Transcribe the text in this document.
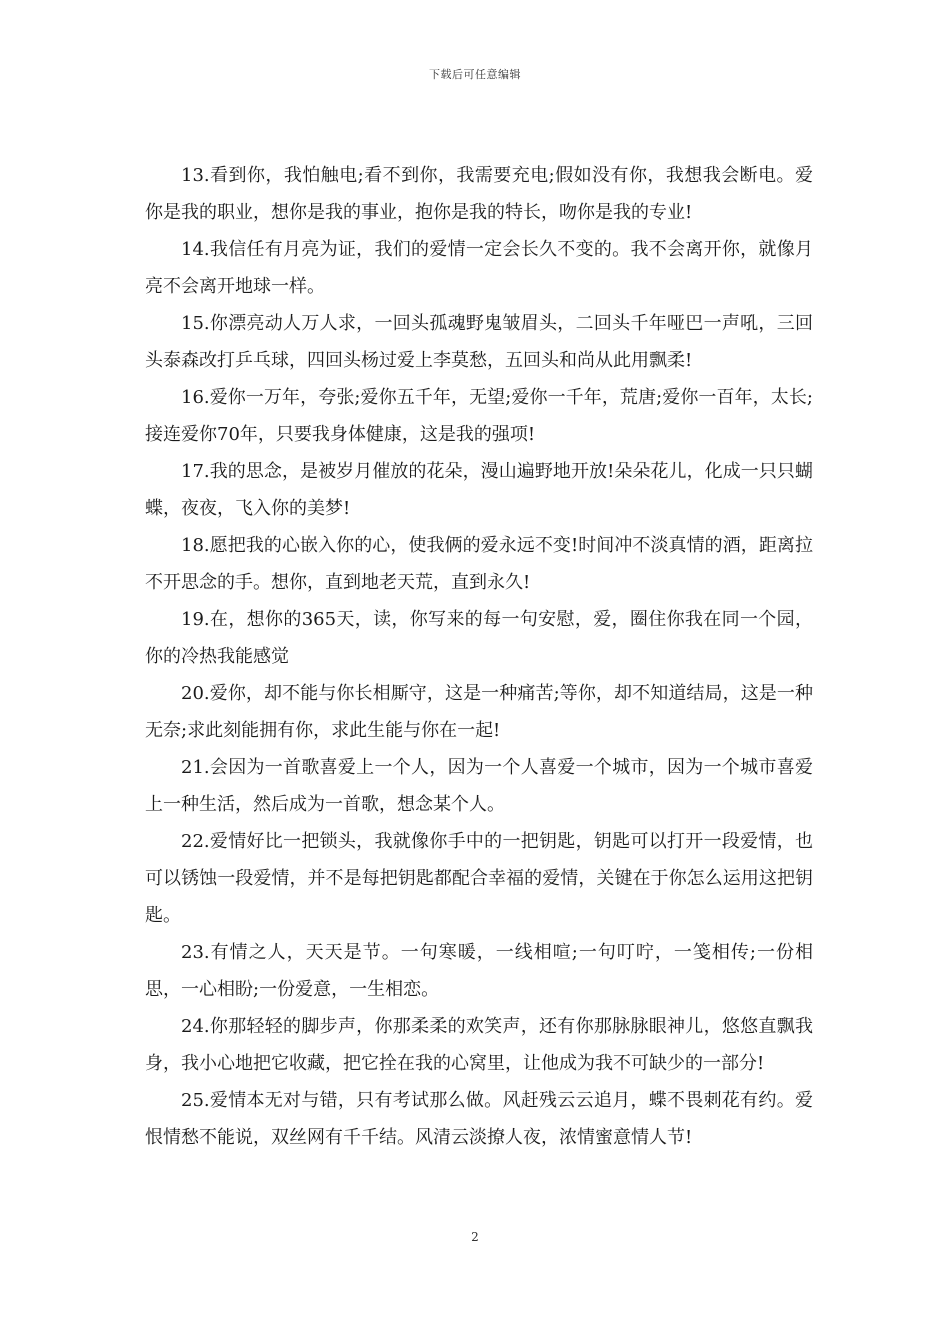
下载后可任意编辑

13.看到你，我怕触电;看不到你，我需要充电;假如没有你，我想我会断电。爱你是我的职业，想你是我的事业，抱你是我的特长，吻你是我的专业!

14.我信任有月亮为证，我们的爱情一定会长久不变的。我不会离开你，就像月亮不会离开地球一样。

15.你漂亮动人万人求，一回头孤魂野鬼皱眉头，二回头千年哑巴一声吼，三回头泰森改打乒乓球，四回头杨过爱上李莫愁，五回头和尚从此用飘柔!

16.爱你一万年，夸张;爱你五千年，无望;爱你一千年，荒唐;爱你一百年，太长;接连爱你70年，只要我身体健康，这是我的强项!

17.我的思念，是被岁月催放的花朵，漫山遍野地开放!朵朵花儿，化成一只只蝴蝶，夜夜，飞入你的美梦!

18.愿把我的心嵌入你的心，使我俩的爱永远不变!时间冲不淡真情的酒，距离拉不开思念的手。想你，直到地老天荒，直到永久!

19.在，想你的365天，读，你写来的每一句安慰，爱，圈住你我在同一个园，你的冷热我能感觉

20.爱你，却不能与你长相厮守，这是一种痛苦;等你，却不知道结局，这是一种无奈;求此刻能拥有你，求此生能与你在一起!

21.会因为一首歌喜爱上一个人，因为一个人喜爱一个城市，因为一个城市喜爱上一种生活，然后成为一首歌，想念某个人。

22.爱情好比一把锁头，我就像你手中的一把钥匙，钥匙可以打开一段爱情，也可以锈蚀一段爱情，并不是每把钥匙都配合幸福的爱情，关键在于你怎么运用这把钥匙。

23.有情之人，天天是节。一句寒暖，一线相喧;一句叮咛，一笺相传;一份相思，一心相盼;一份爱意，一生相恋。

24.你那轻轻的脚步声，你那柔柔的欢笑声，还有你那脉脉眼神儿，悠悠直飘我身，我小心地把它收藏，把它拴在我的心窝里，让他成为我不可缺少的一部分!

25.爱情本无对与错，只有考试那么做。风赶残云云追月，蝶不畏刺花有约。爱恨情愁不能说，双丝网有千千结。风清云淡撩人夜，浓情蜜意情人节!

2
